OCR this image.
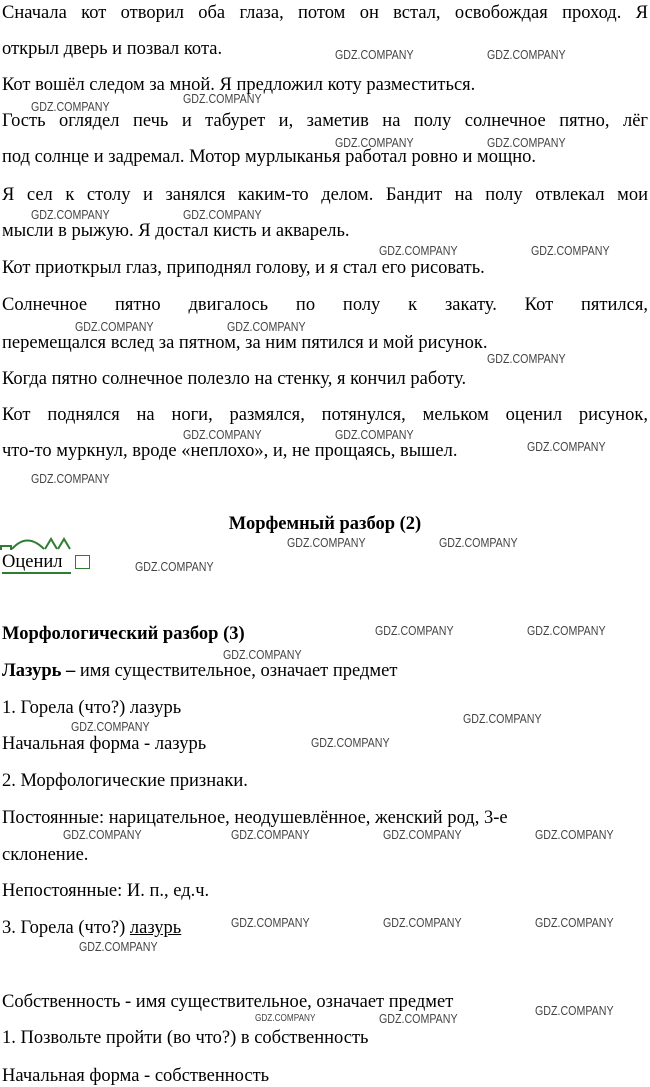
Сначала кот отворил оба глаза, потом он встал, освобождая проход. Я
открыл дверь и позвал кота.
Кот вошёл следом за мной. Я предложил коту разместиться.
Гость оглядел печь и табурет и, заметив на полу солнечное пятно, лёг
под солнце и задремал. Мотор мурлыканья работал ровно и мощно.
Я сел к столу и занялся каким-то делом. Бандит на полу отвлекал мои
мысли в рыжую. Я достал кисть и акварель.
Кот приоткрыл глаз, приподнял голову, и я стал его рисовать.
Солнечное пятно двигалось по полу к закату. Кот пятился,
перемещался вслед за пятном, за ним пятился и мой рисунок.
Когда пятно солнечное полезло на стенку, я кончил работу.
Кот поднялся на ноги, размялся, потянулся, мельком оценил рисунок,
что-то муркнул, вроде «неплохо», и, не прощаясь, вышел.
Морфемный разбор (2)
Оценил
Морфологический разбор (3)
Лазурь – имя существительное, означает предмет
1. Горела (что?) лазурь
Начальная форма - лазурь
2. Морфологические признаки.
Постоянные: нарицательное, неодушевлённое, женский род, 3-е
склонение.
Непостоянные: И. п., ед.ч.
3. Горела (что?) лазурь
Собственность - имя существительное, означает предмет
1. Позвольте пройти (во что?) в собственность
Начальная форма - собственность
GDZ.COMPANY	GDZ.COMPANY
GDZ.COMPANY
GDZ.COMPANY
GDZ.COMPANY	GDZ.COMPANY
GDZ.COMPANY	GDZ.COMPANY
GDZ.COMPANY	GDZ.COMPANY
GDZ.COMPANY	GDZ.COMPANY
GDZ.COMPANY
GDZ.COMPANY	GDZ.COMPANY
GDZ.COMPANY
GDZ.COMPANY
GDZ.COMPANY	GDZ.COMPANY
GDZ.COMPANY
GDZ.COMPANY	GDZ.COMPANY
GDZ.COMPANY
GDZ.COMPANY
GDZ.COMPANY
GDZ.COMPANY
GDZ.COMPANY	GDZ.COMPANY	GDZ.COMPANY	GDZ.COMPANY
GDZ.COMPANY	GDZ.COMPANY	GDZ.COMPANY
GDZ.COMPANY
GDZ.COMPANY
GDZ.COMPANY	GDZ.COMPANY
